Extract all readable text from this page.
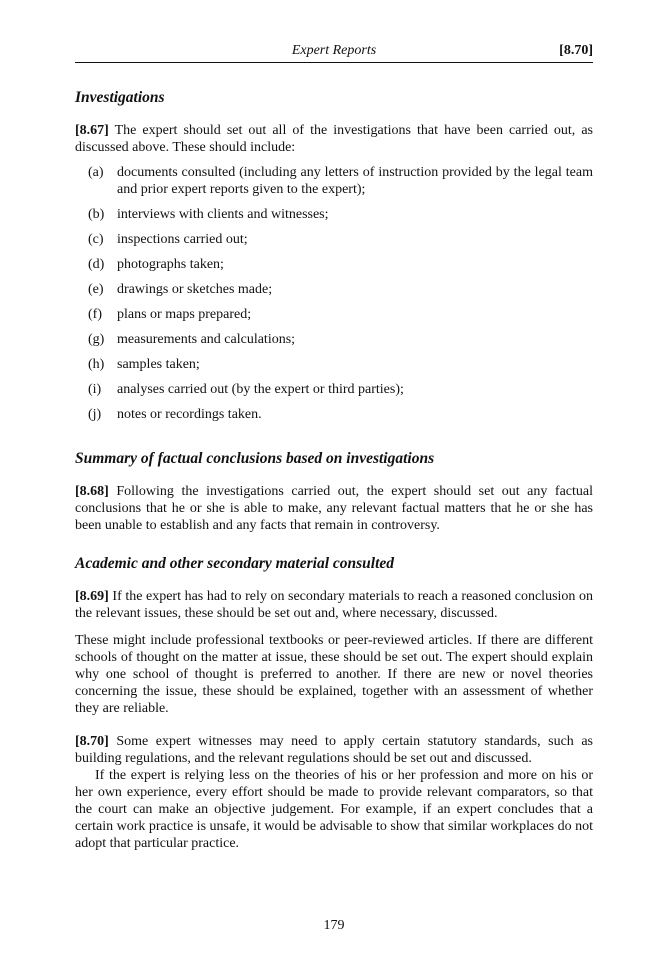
Expert Reports	[8.70]
Investigations

[8.67] The expert should set out all of the investigations that have been carried out, as discussed above. These should include:

(a) documents consulted (including any letters of instruction provided by the legal team and prior expert reports given to the expert);
(b) interviews with clients and witnesses;
(c) inspections carried out;
(d) photographs taken;
(e) drawings or sketches made;
(f) plans or maps prepared;
(g) measurements and calculations;
(h) samples taken;
(i) analyses carried out (by the expert or third parties);
(j) notes or recordings taken.
Summary of factual conclusions based on investigations

[8.68] Following the investigations carried out, the expert should set out any factual conclusions that he or she is able to make, any relevant factual matters that he or she has been unable to establish and any facts that remain in controversy.

Academic and other secondary material consulted

[8.69] If the expert has had to rely on secondary materials to reach a reasoned conclusion on the relevant issues, these should be set out and, where necessary, discussed.

These might include professional textbooks or peer-reviewed articles. If there are different schools of thought on the matter at issue, these should be set out. The expert should explain why one school of thought is preferred to another. If there are new or novel theories concerning the issue, these should be explained, together with an assessment of whether they are reliable.

[8.70] Some expert witnesses may need to apply certain statutory standards, such as building regulations, and the relevant regulations should be set out and discussed.

If the expert is relying less on the theories of his or her profession and more on his or her own experience, every effort should be made to provide relevant comparators, so that the court can make an objective judgement. For example, if an expert concludes that a certain work practice is unsafe, it would be advisable to show that similar workplaces do not adopt that particular practice.

179
